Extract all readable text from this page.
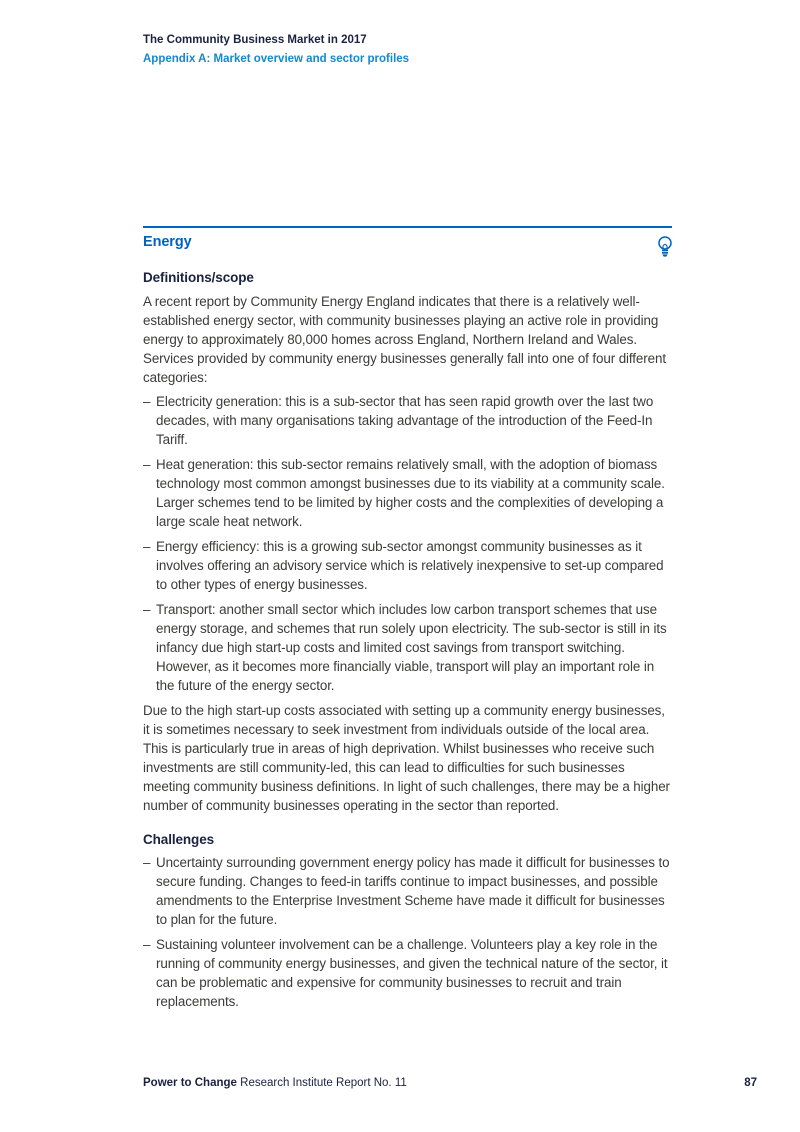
The Community Business Market in 2017
Appendix A: Market overview and sector profiles
Energy
Definitions/scope
A recent report by Community Energy England indicates that there is a relatively well-established energy sector, with community businesses playing an active role in providing energy to approximately 80,000 homes across England, Northern Ireland and Wales. Services provided by community energy businesses generally fall into one of four different categories:
– Electricity generation: this is a sub-sector that has seen rapid growth over the last two decades, with many organisations taking advantage of the introduction of the Feed-In Tariff.
– Heat generation: this sub-sector remains relatively small, with the adoption of biomass technology most common amongst businesses due to its viability at a community scale. Larger schemes tend to be limited by higher costs and the complexities of developing a large scale heat network.
– Energy efficiency: this is a growing sub-sector amongst community businesses as it involves offering an advisory service which is relatively inexpensive to set-up compared to other types of energy businesses.
– Transport: another small sector which includes low carbon transport schemes that use energy storage, and schemes that run solely upon electricity. The sub-sector is still in its infancy due high start-up costs and limited cost savings from transport switching. However, as it becomes more financially viable, transport will play an important role in the future of the energy sector.
Due to the high start-up costs associated with setting up a community energy businesses, it is sometimes necessary to seek investment from individuals outside of the local area. This is particularly true in areas of high deprivation. Whilst businesses who receive such investments are still community-led, this can lead to difficulties for such businesses meeting community business definitions. In light of such challenges, there may be a higher number of community businesses operating in the sector than reported.
Challenges
– Uncertainty surrounding government energy policy has made it difficult for businesses to secure funding. Changes to feed-in tariffs continue to impact businesses, and possible amendments to the Enterprise Investment Scheme have made it difficult for businesses to plan for the future.
– Sustaining volunteer involvement can be a challenge. Volunteers play a key role in the running of community energy businesses, and given the technical nature of the sector, it can be problematic and expensive for community businesses to recruit and train replacements.
Power to Change Research Institute Report No. 11	87
